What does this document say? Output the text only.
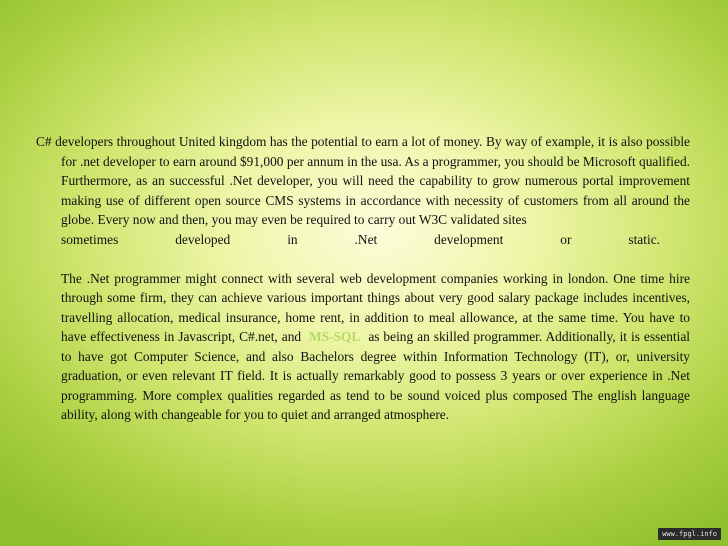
C# developers throughout United kingdom has the potential to earn a lot of money. By way of example, it is also possible for .net developer to earn around $91,000 per annum in the usa. As a programmer, you should be Microsoft qualified. Furthermore, as an successful .Net developer, you will need the capability to grow numerous portal improvement making use of different open source CMS systems in accordance with necessity of customers from all around the globe. Every now and then, you may even be required to carry out W3C validated sites

sometimes	developed	in	.Net	development	or	static.

The .Net programmer might connect with several web development companies working in london. One time hire through some firm, they can achieve various important things about very good salary package includes incentives, travelling allocation, medical insurance, home rent, in addition to meal allowance, at the same time. You have to have effectiveness in Javascript, C#.net, and MS-SQL as being an skilled programmer. Additionally, it is essential to have got Computer Science, and also Bachelors degree within Information Technology (IT), or, university graduation, or even relevant IT field. It is actually remarkably good to possess 3 years or over experience in .Net programming. More complex qualities regarded as tend to be sound voiced plus composed The english language ability, along with changeable for you to quiet and arranged atmosphere.

www.fpgl.info
